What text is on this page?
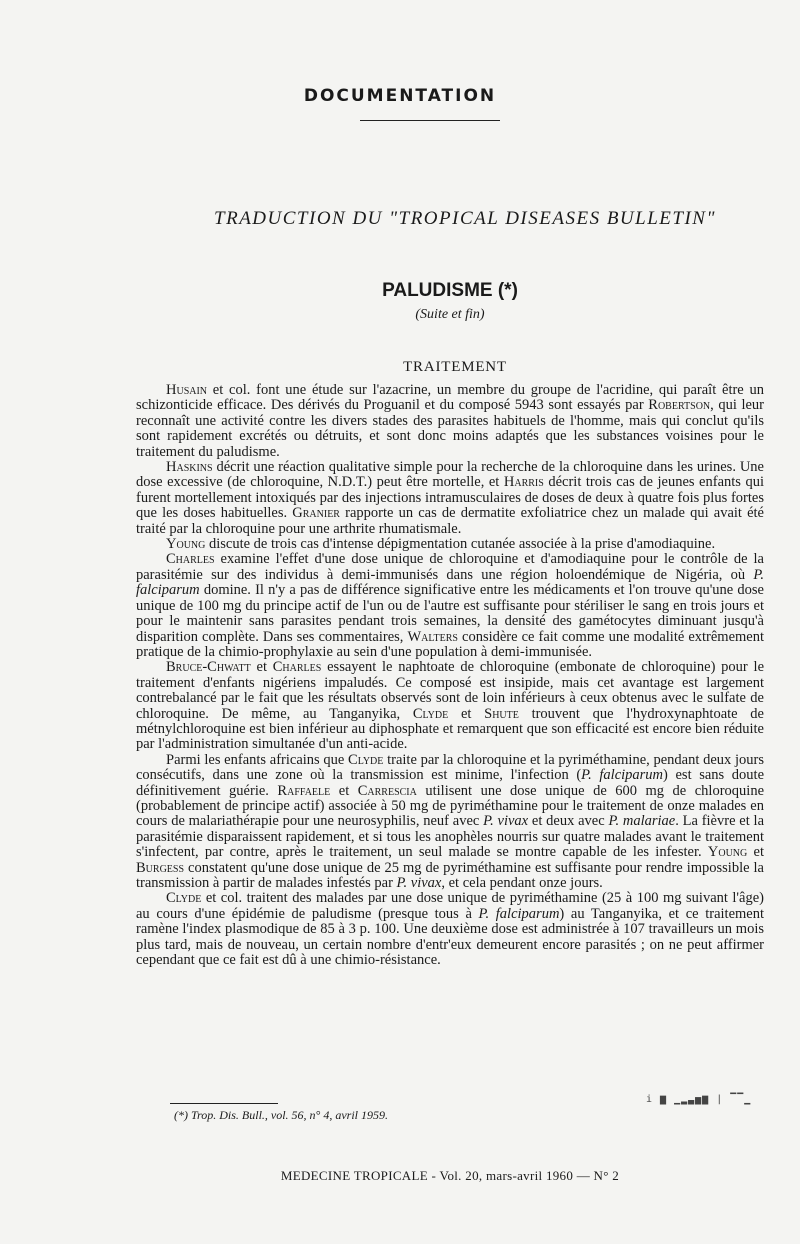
DOCUMENTATION
TRADUCTION DU "TROPICAL DISEASES BULLETIN"
PALUDISME (*)
(Suite et fin)
TRAITEMENT

Husain et col. font une étude sur l'azacrine, un membre du groupe de l'acridine, qui paraît être un schizonticide efficace. Des dérivés du Proguanil et du composé 5943 sont essayés par Robertson, qui leur reconnaît une activité contre les divers stades des parasites habituels de l'homme, mais qui conclut qu'ils sont rapidement excrétés ou détruits, et sont donc moins adaptés que les substances voisines pour le traitement du paludisme.

Haskins décrit une réaction qualitative simple pour la recherche de la chloroquine dans les urines. Une dose excessive (de chloroquine, N.D.T.) peut être mortelle, et Harris décrit trois cas de jeunes enfants qui furent mortellement intoxiqués par des injections intramusculaires de doses de deux à quatre fois plus fortes que les doses habituelles. Granier rapporte un cas de dermatite exfoliatrice chez un malade qui avait été traité par la chloroquine pour une arthrite rhumatismale.

Young discute de trois cas d'intense dépigmentation cutanée associée à la prise d'amodiaquine.

Charles examine l'effet d'une dose unique de chloroquine et d'amodiaquine pour le contrôle de la parasitémie sur des individus à demi-immunisés dans une région holoendémique de Nigéria, où P. falciparum domine. Il n'y a pas de différence significative entre les médicaments et l'on trouve qu'une dose unique de 100 mg du principe actif de l'un ou de l'autre est suffisante pour stériliser le sang en trois jours et pour le maintenir sans parasites pendant trois semaines, la densité des gamétocytes diminuant jusqu'à disparition complète. Dans ses commentaires, Walters considère ce fait comme une modalité extrêmement pratique de la chimio-prophylaxie au sein d'une population à demi-immunisée.

Bruce-Chwatt et Charles essayent le naphtoate de chloroquine (embonate de chloroquine) pour le traitement d'enfants nigériens impaludés. Ce composé est insipide, mais cet avantage est largement contrebalancé par le fait que les résultats observés sont de loin inférieurs à ceux obtenus avec le sulfate de chloroquine. De même, au Tanganyika, Clyde et Shute trouvent que l'hydroxynaphtoate de métnylchloroquine est bien inférieur au diphosphate et remarquent que son efficacité est encore bien réduite par l'administration simultanée d'un anti-acide.

Parmi les enfants africains que Clyde traite par la chloroquine et la pyriméthamine, pendant deux jours consécutifs, dans une zone où la transmission est minime, l'infection (P. falciparum) est sans doute définitivement guérie. Raffaele et Carrescia utilisent une dose unique de 600 mg de chloroquine (probablement de principe actif) associée à 50 mg de pyriméthamine pour le traitement de onze malades en cours de malariathérapie pour une neurosyphilis, neuf avec P. vivax et deux avec P. malariae. La fièvre et la parasitémie disparaissent rapidement, et si tous les anophèles nourris sur quatre malades avant le traitement s'infectent, par contre, après le traitement, un seul malade se montre capable de les infester. Young et Burgess constatent qu'une dose unique de 25 mg de pyriméthamine est suffisante pour rendre impossible la transmission à partir de malades infestés par P. vivax, et cela pendant onze jours.

Clyde et col. traitent des malades par une dose unique de pyriméthamine (25 à 100 mg suivant l'âge) au cours d'une épidémie de paludisme (presque tous à P. falciparum) au Tanganyika, et ce traitement ramène l'index plasmodique de 85 à 3 p. 100. Une deuxième dose est administrée à 107 travailleurs un mois plus tard, mais de nouveau, un certain nombre d'entr'eux demeurent encore parasités ; on ne peut affirmer cependant que ce fait est dû à une chimio-résistance.

i ▆ ▁▂▃▅▆ | ▔▔▁
(*) Trop. Dis. Bull., vol. 56, n° 4, avril 1959.
MEDECINE TROPICALE - Vol. 20, mars-avril 1960 — N° 2
